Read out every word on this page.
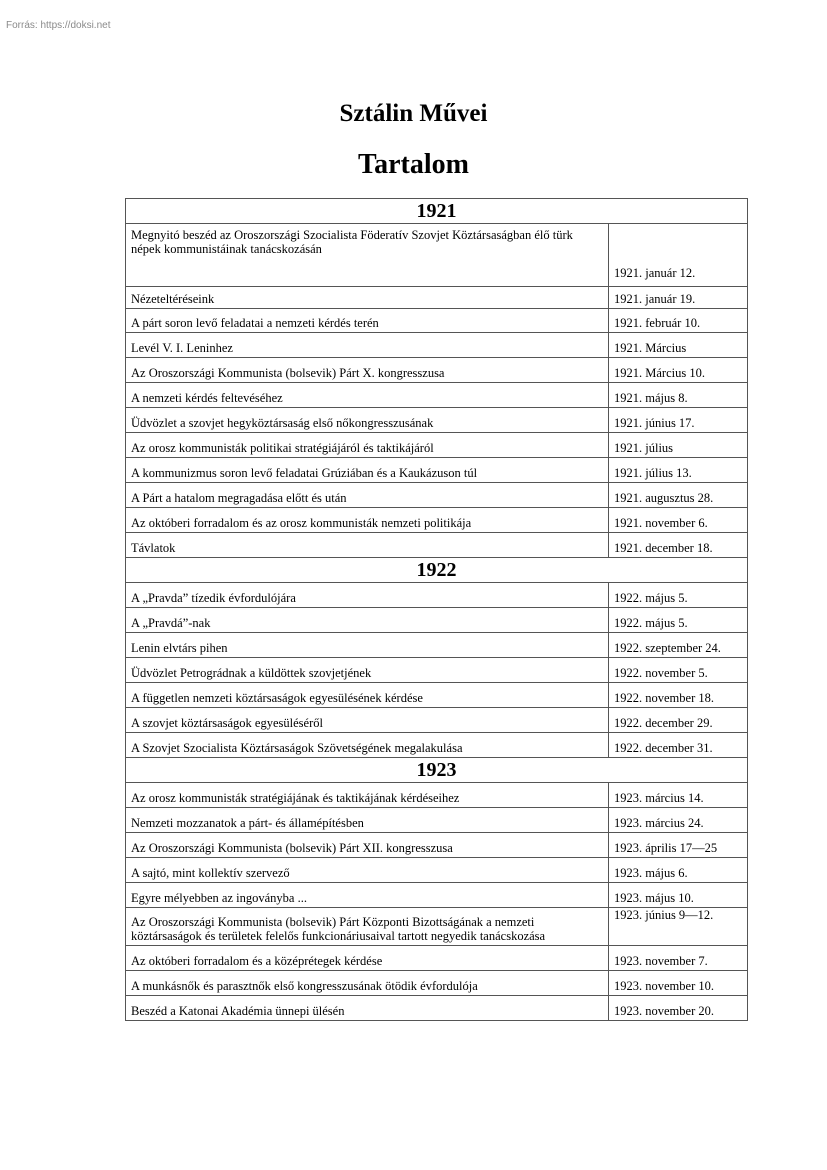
Forrás: https://doksi.net
Sztálin Művei
Tartalom
1921	
Megnyitó beszéd az Oroszországi Szocialista Föderatív Szovjet Köztársaságban élő türk népek kommunistáinak tanácskozásán	1921. január 12.
Nézeteltéréseink	1921. január 19.
A párt soron levő feladatai a nemzeti kérdés terén	1921. február 10.
Levél V. I. Leninhez	1921. Március
Az Oroszországi Kommunista (bolsevik) Párt X. kongresszusa	1921. Március 10.
A nemzeti kérdés feltevéséhez	1921. május 8.
Üdvözlet a szovjet hegyköztársaság első nőkongresszusának	1921. június 17.
Az orosz kommunisták politikai stratégiájáról és taktikájáról	1921. július
A kommunizmus soron levő feladatai Grúziában és a Kaukázuson túl	1921. július 13.
A Párt a hatalom megragadása előtt és után	1921. augusztus 28.
Az októberi forradalom és az orosz kommunisták nemzeti politikája	1921. november 6.
Távlatok	1921. december 18.
1922	
A „Pravda” tízedik évfordulójára	1922. május 5.
A „Pravdá”-nak	1922. május 5.
Lenin elvtárs pihen	1922. szeptember 24.
Üdvözlet Petrográdnak a küldöttek szovjetjének	1922. november 5.
A független nemzeti köztársaságok egyesülésének kérdése	1922. november 18.
A szovjet köztársaságok egyesüléséről	1922. december 29.
A Szovjet Szocialista Köztársaságok Szövetségének megalakulása	1922. december 31.
1923	
Az orosz kommunisták stratégiájának és taktikájának kérdéseihez	1923. március 14.
Nemzeti mozzanatok a párt- és államépítésben	1923. március 24.
Az Oroszországi Kommunista (bolsevik) Párt XII. kongresszusa	1923. április 17—25
A sajtó, mint kollektív szervező	1923. május 6.
Egyre mélyebben az ingoványba ...	1923. május 10.
Az Oroszországi Kommunista (bolsevik) Párt Központi Bizottságának a nemzeti köztársaságok és területek felelős funkcionáriusaival tartott negyedik tanácskozása	1923. június 9—12.
Az októberi forradalom és a középrétegek kérdése	1923. november 7.
A munkásnők és parasztnők első kongresszusának ötödik évfordulója	1923. november 10.
Beszéd a Katonai Akadémia ünnepi ülésén	1923. november 20.
